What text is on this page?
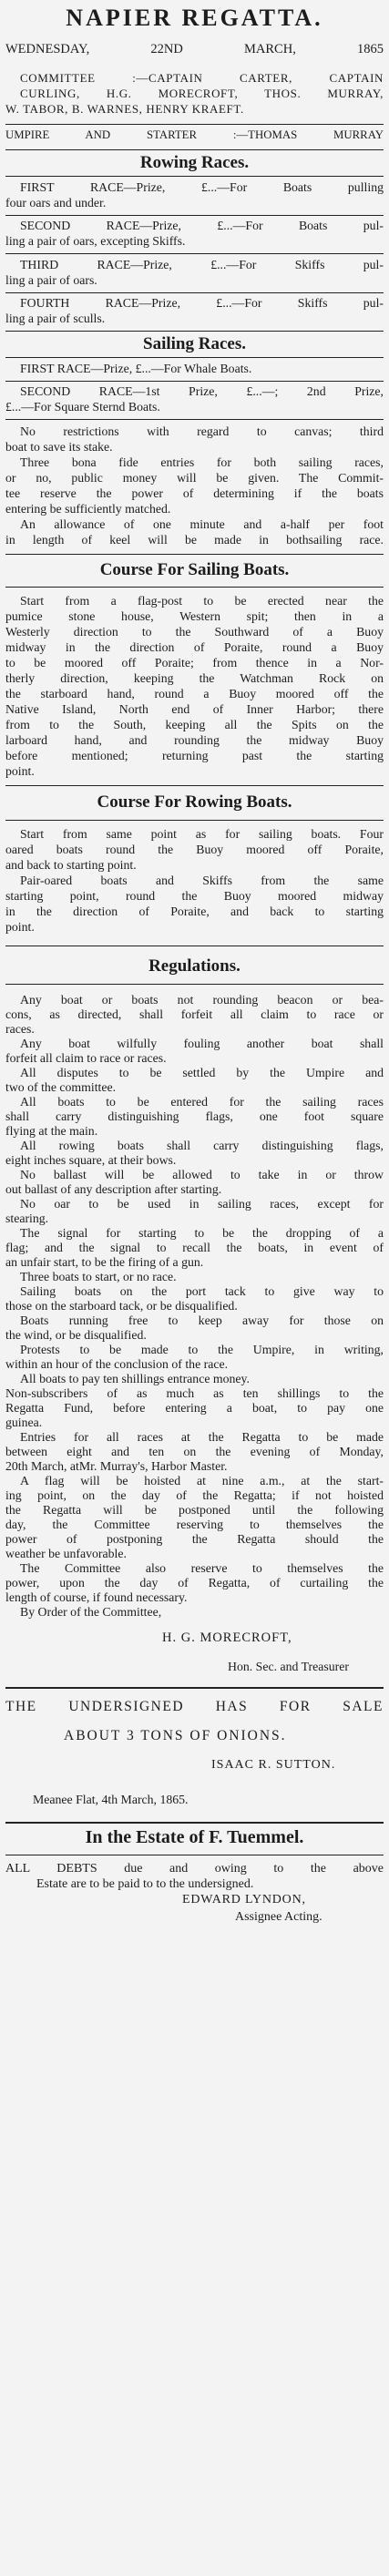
NAPIER REGATTA.
WEDNESDAY, 22ND MARCH, 1865
COMMITTEE :—CAPTAIN CARTER, CAPTAIN
CURLING, H.G. MORECROFT, THOS. MURRAY,
W. TABOR, B. WARNES, HENRY KRAEFT.
UMPIRE AND STARTER :—THOMAS MURRAY
Rowing Races.
FIRST RACE—Prize, £...—For Boats pulling
four oars and under.
SECOND RACE—Prize, £...—For Boats pul-
ling a pair of oars, excepting Skiffs.
THIRD RACE—Prize, £...—For Skiffs pul-
ling a pair of oars.
FOURTH RACE—Prize, £...—For Skiffs pul-
ling a pair of sculls.
Sailing Races.
FIRST RACE—Prize, £...—For Whale Boats.
SECOND RACE—1st Prize, £...—; 2nd Prize,
£...—For Square Sternd Boats.
No restrictions with regard to canvas; third
boat to save its stake.
Three bona fide entries for both sailing races,
or no, public money will be given. The Commit-
tee reserve the power of determining if the boats
entering be sufficiently matched.
An allowance of one minute and a-half per foot
in length of keel will be made in bothsailing race.
Course For Sailing Boats.
Start from a flag-post to be erected near the
pumice stone house, Western spit; then in a
Westerly direction to the Southward of a Buoy
midway in the direction of Poraite, round a Buoy
to be moored off Poraite; from thence in a Nor-
therly direction, keeping the Watchman Rock on
the starboard hand, round a Buoy moored off the
Native Island, North end of Inner Harbor; there
from to the South, keeping all the Spits on the
larboard hand, and rounding the midway Buoy
before mentioned; returning past the starting
point.
Course For Rowing Boats.
Start from same point as for sailing boats. Four
oared boats round the Buoy moored off Poraite,
and back to starting point.
Pair-oared boats and Skiffs from the same
starting point, round the Buoy moored midway
in the direction of Poraite, and back to starting
point.
Regulations.
Any boat or boats not rounding beacon or bea-
cons, as directed, shall forfeit all claim to race or
races.
Any boat wilfully fouling another boat shall
forfeit all claim to race or races.
All disputes to be settled by the Umpire and
two of the committee.
All boats to be entered for the sailing races
shall carry distinguishing flags, one foot square
flying at the main.
All rowing boats shall carry distinguishing flags,
eight inches square, at their bows.
No ballast will be allowed to take in or throw
out ballast of any description after starting.
No oar to be used in sailing races, except for
stearing.
The signal for starting to be the dropping of a
flag; and the signal to recall the boats, in event of
an unfair start, to be the firing of a gun.
Three boats to start, or no race.
Sailing boats on the port tack to give way to
those on the starboard tack, or be disqualified.
Boats running free to keep away for those on
the wind, or be disqualified.
Protests to be made to the Umpire, in writing,
within an hour of the conclusion of the race.
All boats to pay ten shillings entrance money.
Non-subscribers of as much as ten shillings to the
Regatta Fund, before entering a boat, to pay one
guinea.
Entries for all races at the Regatta to be made
between eight and ten on the evening of Monday,
20th March, atMr. Murray's, Harbor Master.
A flag will be hoisted at nine a.m., at the start-
ing point, on the day of the Regatta; if not hoisted
the Regatta will be postponed until the following
day, the Committee reserving to themselves the
power of postponing the Regatta should the
weather be unfavorable.
The Committee also reserve to themselves the
power, upon the day of Regatta, of curtailing the
length of course, if found necessary.
By Order of the Committee,
H. G. MORECROFT,
Hon. Sec. and Treasurer
THE UNDERSIGNED HAS FOR SALE
ABOUT 3 TONS OF ONIONS.
ISAAC R. SUTTON.
Meanee Flat, 4th March, 1865.
In the Estate of F. Tuemmel.
ALL DEBTS due and owing to the above
Estate are to be paid to to the undersigned.
EDWARD LYNDON,
Assignee Acting.
